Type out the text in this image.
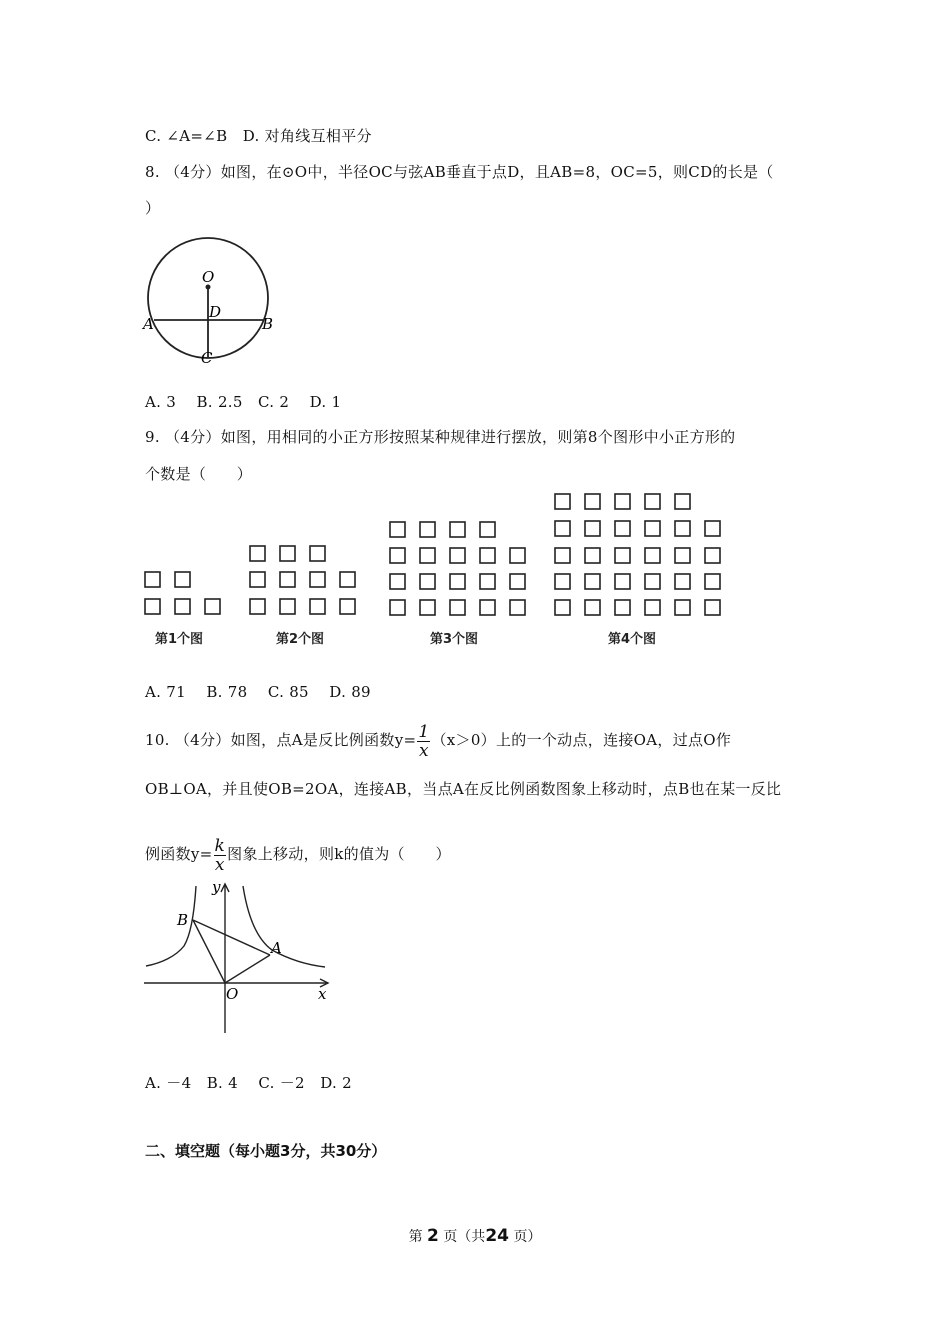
C. ∠A=∠B　D. 对角线互相平分
8. （4分）如图，在⊙O中，半径OC与弦AB垂直于点D，且AB=8，OC=5，则CD的长是（
）
O
D
A	B
C
A. 3　 B. 2.5　C. 2　 D. 1
9. （4分）如图，用相同的小正方形按照某种规律进行摆放，则第8个图形中小正方形的
个数是（　　）
第1个图	第2个图	第3个图	第4个图
A. 71　 B. 78　 C. 85　 D. 89
10. （4分）如图，点A是反比例函数$y= \frac{1}{x} (x>0)$上的一个动点，连接OA，过点O作
OB⊥OA，并且使OB=2OA，连接AB，当点A在反比例函数图象上移动时，点B也在某一反比
例函数$y= \frac{k}{x}$ 图象上移动，则k的值为（　　）
B
A
O	x
y
A. －4　B. 4　 C. －2　D. 2
二、填空题（每小题3分，共30分）
第 2 页（共24 页）
